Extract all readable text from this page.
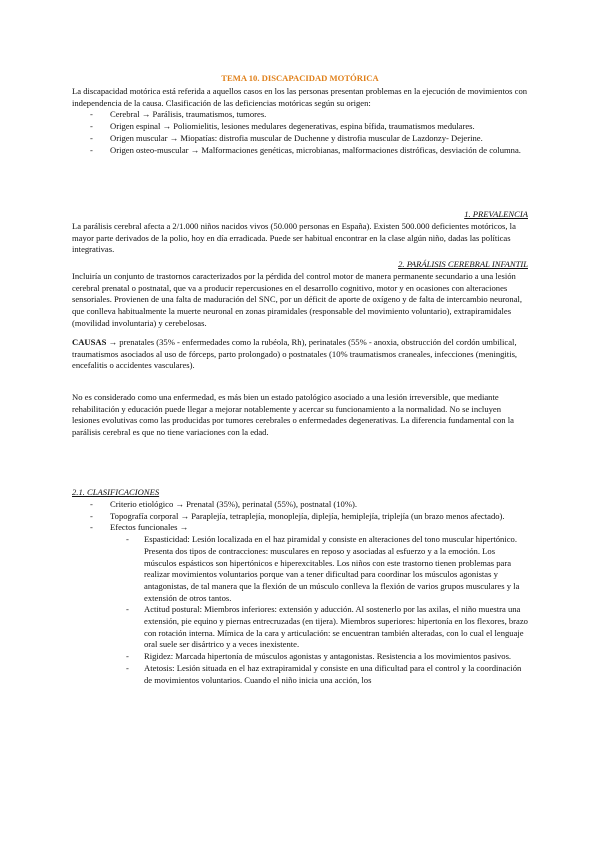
TEMA 10. DISCAPACIDAD MOTÓRICA

La discapacidad motórica está referida a aquellos casos en los las personas presentan problemas en la ejecución de movimientos con independencia de la causa. Clasificación de las deficiencias motóricas según su origen:

- Cerebral → Parálisis, traumatismos, tumores.
- Origen espinal → Poliomielitis, lesiones medulares degenerativas, espina bífida, traumatismos medulares.
- Origen muscular → Miopatías: distrofia muscular de Duchenne y distrofia muscular de Lazdonzy- Dejerine.
- Origen osteo-muscular → Malformaciones genéticas, microbianas, malformaciones distróficas, desviación de columna.
1. PREVALENCIA

La parálisis cerebral afecta a 2/1.000 niños nacidos vivos (50.000 personas en España). Existen 500.000 deficientes motóricos, la mayor parte derivados de la polio, hoy en día erradicada. Puede ser habitual encontrar en la clase algún niño, dadas las políticas integrativas.

2. PARÁLISIS CEREBRAL INFANTIL

Incluiría un conjunto de trastornos caracterizados por la pérdida del control motor de manera permanente secundario a una lesión cerebral prenatal o postnatal, que va a producir repercusiones en el desarrollo cognitivo, motor y en ocasiones con alteraciones sensoriales. Provienen de una falta de maduración del SNC, por un déficit de aporte de oxígeno y de falta de intercambio neuronal, que conlleva habitualmente la muerte neuronal en zonas piramidales (responsable del movimiento voluntario), extrapiramidales (movilidad involuntaria) y cerebelosas.

CAUSAS → prenatales (35% - enfermedades como la rubéola, Rh), perinatales (55% - anoxia, obstrucción del cordón umbilical, traumatismos asociados al uso de fórceps, parto prolongado) o postnatales (10% traumatismos craneales, infecciones (meningitis, encefalitis o accidentes vasculares).

No es considerado como una enfermedad, es más bien un estado patológico asociado a una lesión irreversible, que mediante rehabilitación y educación puede llegar a mejorar notablemente y acercar su funcionamiento a la normalidad. No se incluyen lesiones evolutivas como las producidas por tumores cerebrales o enfermedades degenerativas. La diferencia fundamental con la parálisis cerebral es que no tiene variaciones con la edad.

2.1. CLASIFICACIONES
- Criterio etiológico → Prenatal (35%), perinatal (55%), postnatal (10%).
- Topografía corporal → Paraplejía, tetraplejía, monoplejía, diplejía, hemiplejía, triplejía (un brazo menos afectado).
- Efectos funcionales →
- Espasticidad: Lesión localizada en el haz piramidal y consiste en alteraciones del tono muscular hipertónico. Presenta dos tipos de contracciones: musculares en reposo y asociadas al esfuerzo y a la emoción. Los músculos espásticos son hipertónicos e hiperexcitables. Los niños con este trastorno tienen problemas para realizar movimientos voluntarios porque van a tener dificultad para coordinar los músculos agonistas y antagonistas, de tal manera que la flexión de un músculo conlleva la flexión de varios grupos musculares y la extensión de otros tantos.
- Actitud postural: Miembros inferiores: extensión y aducción. Al sostenerlo por las axilas, el niño muestra una extensión, pie equino y piernas entrecruzadas (en tijera). Miembros superiores: hipertonía en los flexores, brazo con rotación interna. Mímica de la cara y articulación: se encuentran también alteradas, con lo cual el lenguaje oral suele ser disártrico y a veces inexistente.
- Rigidez: Marcada hipertonía de músculos agonistas y antagonistas. Resistencia a los movimientos pasivos.
- Atetosis: Lesión situada en el haz extrapiramidal y consiste en una dificultad para el control y la coordinación de movimientos voluntarios. Cuando el niño inicia una acción, los
